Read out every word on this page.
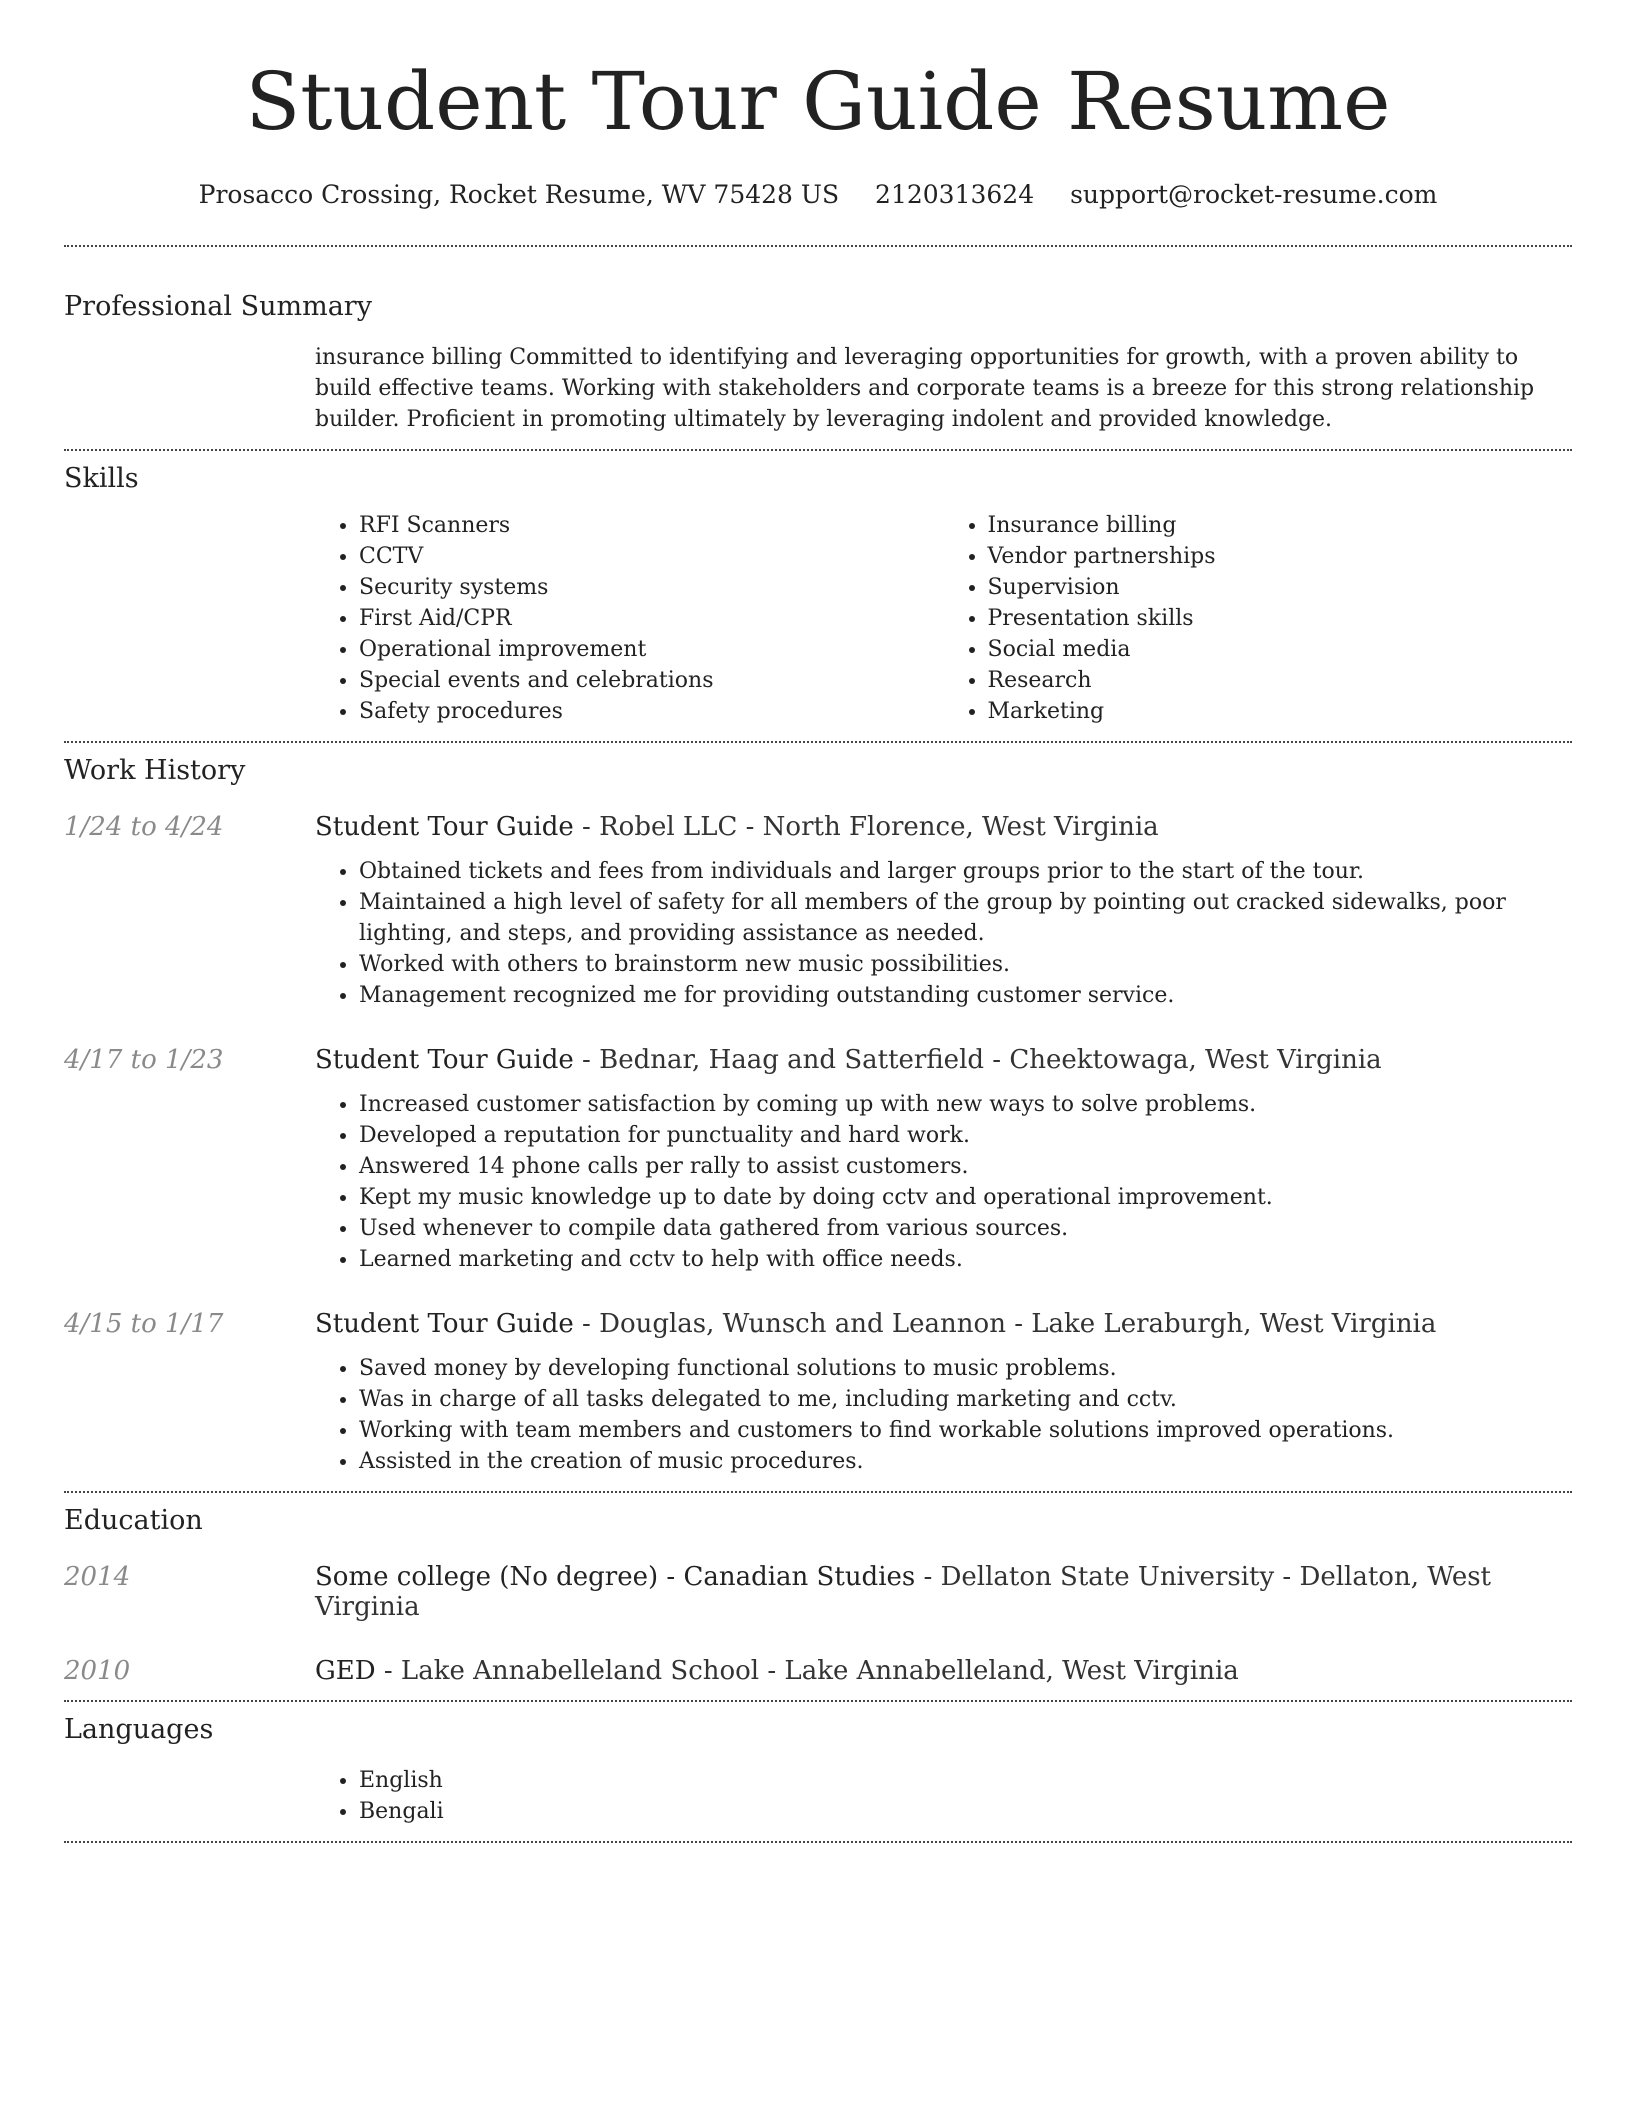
Student Tour Guide Resume
Prosacco Crossing, Rocket Resume, WV 75428 US 2120313624 support@rocket-resume.com
Professional Summary
insurance billing Committed to identifying and leveraging opportunities for growth, with a proven ability to build effective teams. Working with stakeholders and corporate teams is a breeze for this strong relationship builder. Proficient in promoting ultimately by leveraging indolent and provided knowledge.
Skills
• RFI Scanners
• CCTV
• Security systems
• First Aid/CPR
• Operational improvement
• Special events and celebrations
• Safety procedures
• Insurance billing
• Vendor partnerships
• Supervision
• Presentation skills
• Social media
• Research
• Marketing
Work History
1/24 to 4/24	Student Tour Guide - Robel LLC - North Florence, West Virginia
• Obtained tickets and fees from individuals and larger groups prior to the start of the tour.
• Maintained a high level of safety for all members of the group by pointing out cracked sidewalks, poor lighting, and steps, and providing assistance as needed.
• Worked with others to brainstorm new music possibilities.
• Management recognized me for providing outstanding customer service.
4/17 to 1/23	Student Tour Guide - Bednar, Haag and Satterfield - Cheektowaga, West Virginia
• Increased customer satisfaction by coming up with new ways to solve problems.
• Developed a reputation for punctuality and hard work.
• Answered 14 phone calls per rally to assist customers.
• Kept my music knowledge up to date by doing cctv and operational improvement.
• Used whenever to compile data gathered from various sources.
• Learned marketing and cctv to help with office needs.
4/15 to 1/17	Student Tour Guide - Douglas, Wunsch and Leannon - Lake Leraburgh, West Virginia
• Saved money by developing functional solutions to music problems.
• Was in charge of all tasks delegated to me, including marketing and cctv.
• Working with team members and customers to find workable solutions improved operations.
• Assisted in the creation of music procedures.
Education
2014	Some college (No degree) - Canadian Studies - Dellaton State University - Dellaton, West Virginia
2010	GED - Lake Annabelleland School - Lake Annabelleland, West Virginia
Languages
• English
• Bengali
